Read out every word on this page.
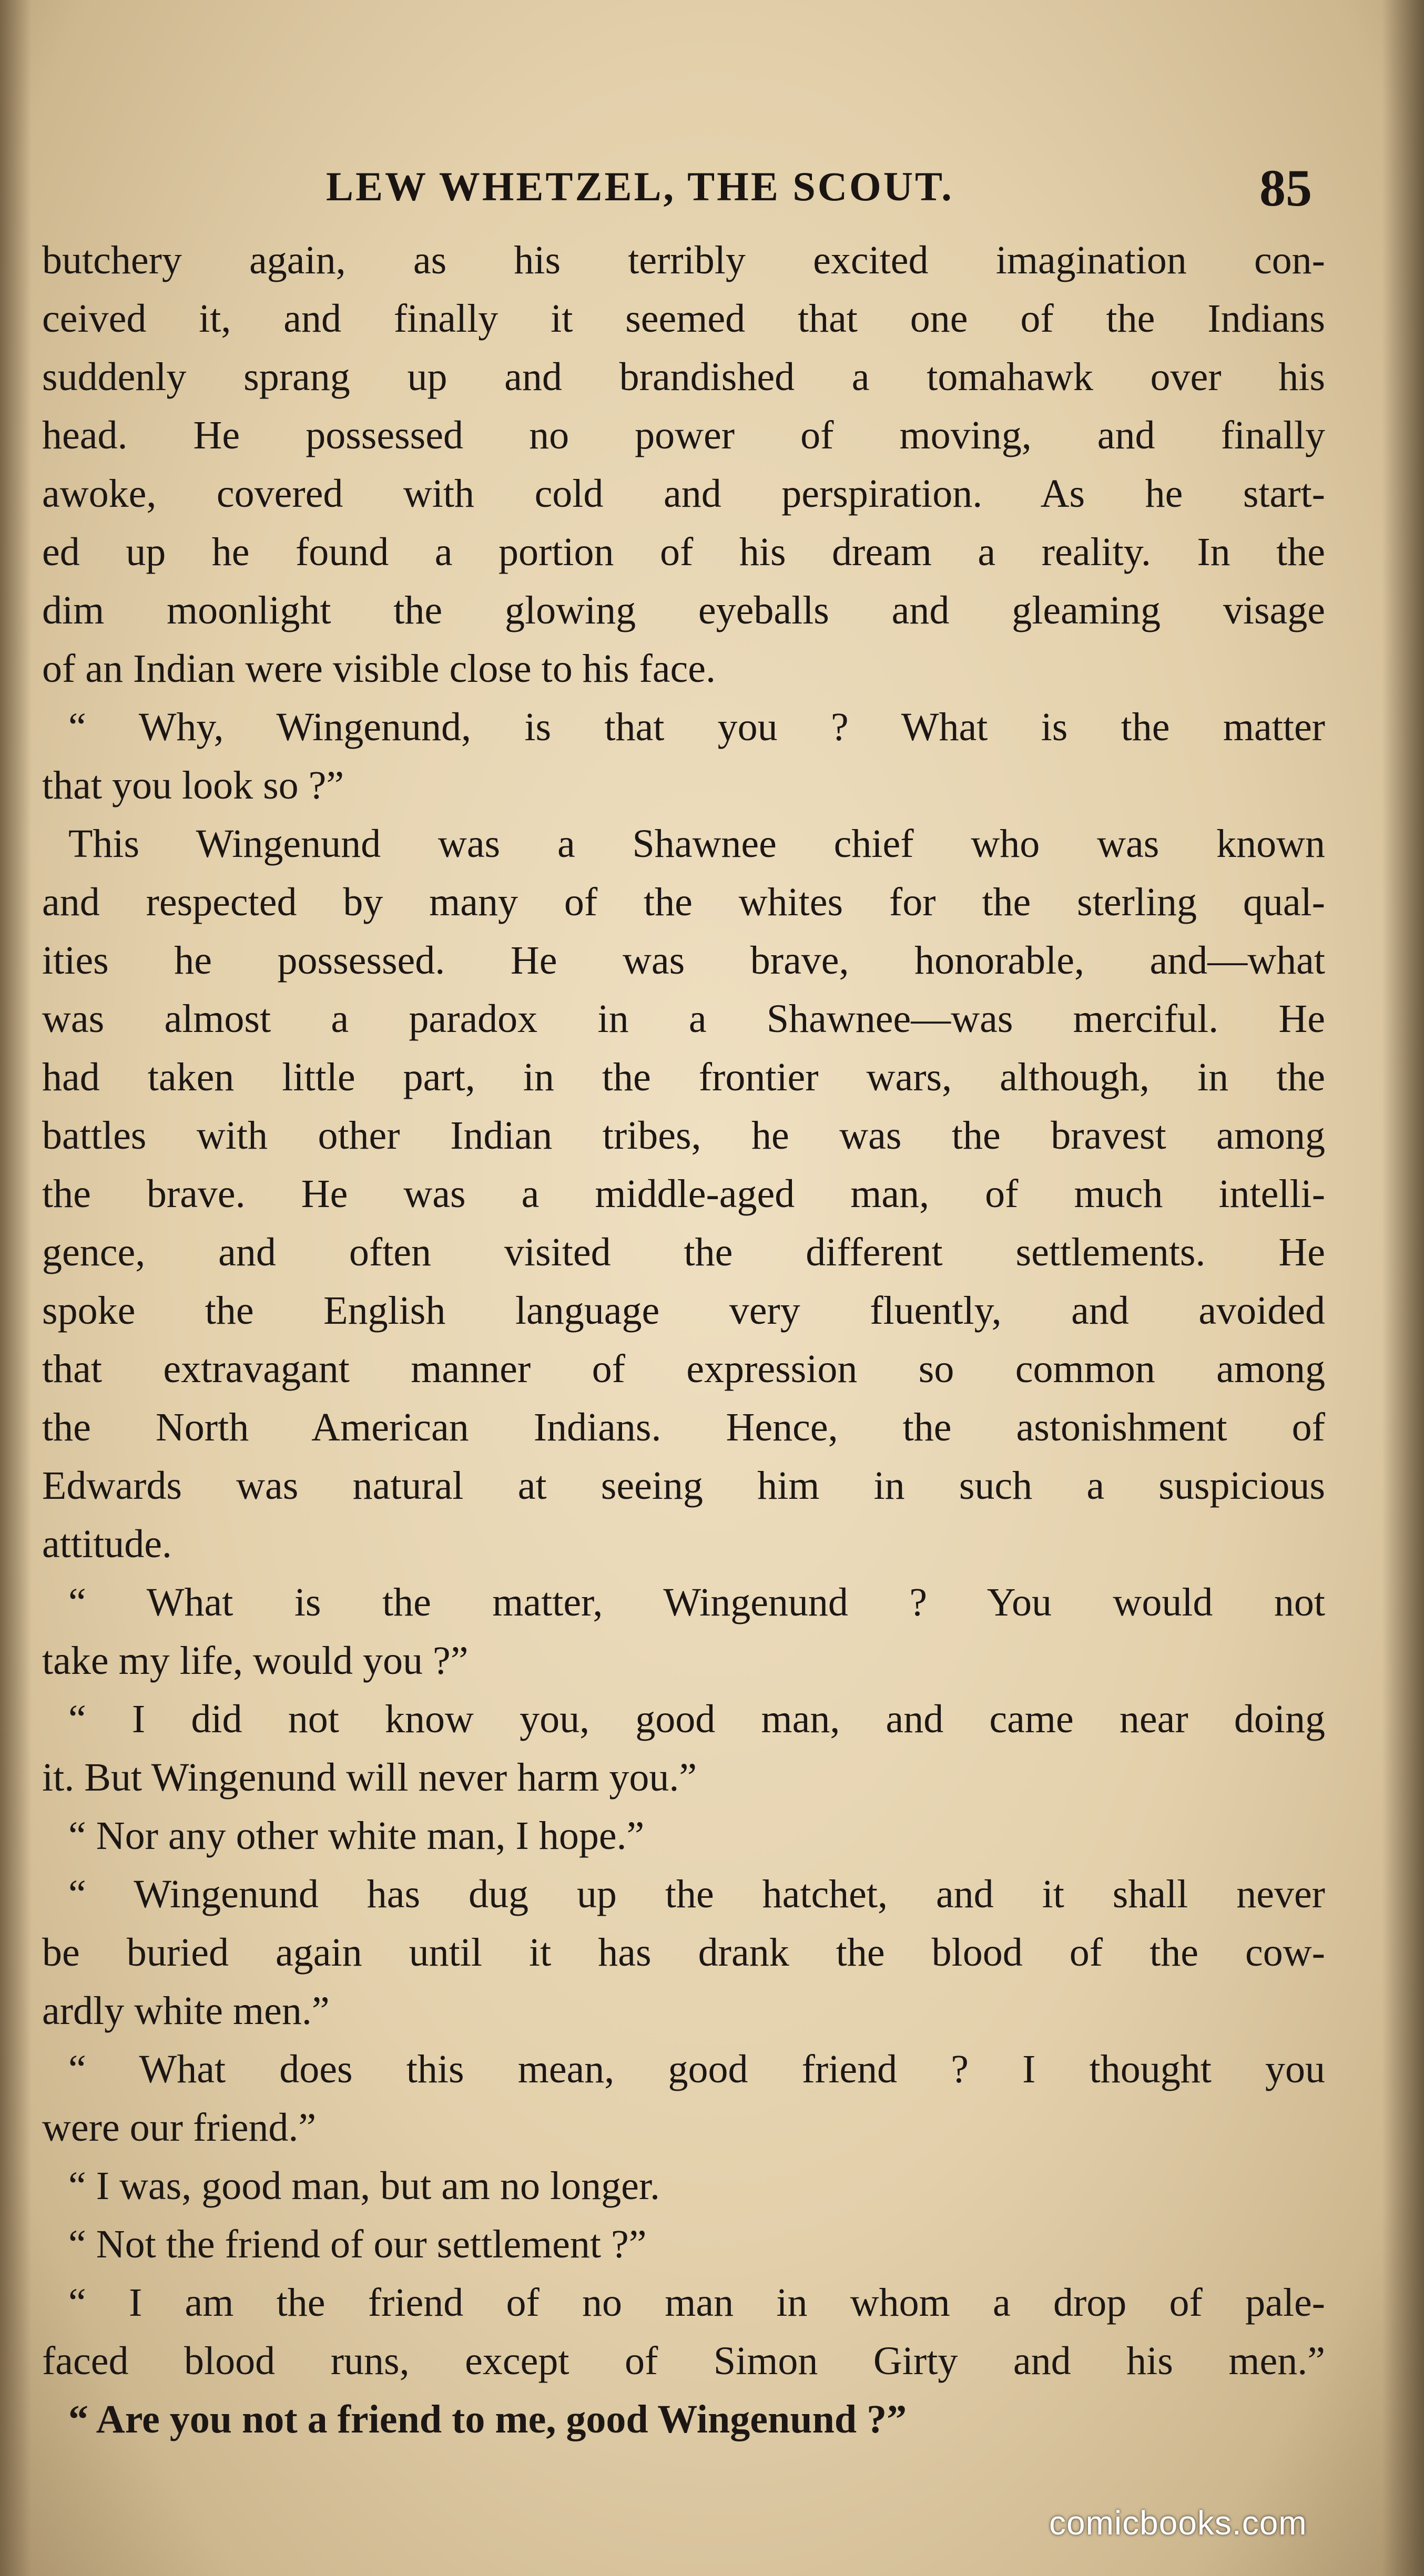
LEW WHETZEL, THE SCOUT.	85
butchery again, as his terribly excited imagination con-
ceived it, and finally it seemed that one of the Indians
suddenly sprang up and brandished a tomahawk over his
head. He possessed no power of moving, and finally
awoke, covered with cold and perspiration. As he start-
ed up he found a portion of his dream a reality. In the
dim moonlight the glowing eyeballs and gleaming visage
of an Indian were visible close to his face.
“ Why, Wingenund, is that you ? What is the matter
that you look so ?”
This Wingenund was a Shawnee chief who was known
and respected by many of the whites for the sterling qual-
ities he possessed. He was brave, honorable, and—what
was almost a paradox in a Shawnee—was merciful. He
had taken little part, in the frontier wars, although, in the
battles with other Indian tribes, he was the bravest among
the brave. He was a middle-aged man, of much intelli-
gence, and often visited the different settlements. He
spoke the English language very fluently, and avoided
that extravagant manner of expression so common among
the North American Indians. Hence, the astonishment of
Edwards was natural at seeing him in such a suspicious
attitude.
“ What is the matter, Wingenund ? You would not
take my life, would you ?”
“ I did not know you, good man, and came near doing
it. But Wingenund will never harm you.”
“ Nor any other white man, I hope.”
“ Wingenund has dug up the hatchet, and it shall never
be buried again until it has drank the blood of the cow-
ardly white men.”
“ What does this mean, good friend ? I thought you
were our friend.”
“ I was, good man, but am no longer.
“ Not the friend of our settlement ?”
“ I am the friend of no man in whom a drop of pale-
faced blood runs, except of Simon Girty and his men.”
“ Are you not a friend to me, good Wingenund ?”
comicbooks.com
